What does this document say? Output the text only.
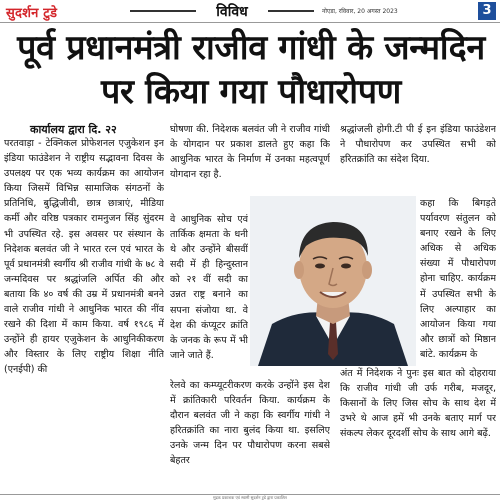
सुदर्शन टुडे	विविध	नोएडा, रविवार, 20 अगस्त 2023	3
पूर्व प्रधानमंत्री राजीव गांधी के जन्मदिन पर किया गया पौधारोपण
कार्यालय द्वारा दि. २२
परतवाड़ा - टेक्निकल प्रोफेशनल एजुकेशन इन इंडिया फाउंडेशन ने राष्ट्रीय सद्भावना दिवस के उपलक्ष्य पर एक भव्य कार्यक्रम का आयोजन किया जिसमें विभिन्न सामाजिक संगठनों के प्रतिनिधि, बुद्धिजीवी, छात्र छात्राएं, मीडिया कर्मी और वरिष्ठ पत्रकार रामनुजन सिंह सुंदरम भी उपस्थित रहे. इस अवसर पर संस्थान के निदेशक बलवंत जी ने भारत रत्न एवं भारत के पूर्व प्रधानमंत्री स्वर्गीय श्री राजीव गांधी के ७८ वे जन्मदिवस पर श्रद्धांजलि अर्पित की और बताया कि ४० वर्ष की उम्र में प्रधानमंत्री बनने वाले राजीव गांधी ने आधुनिक भारत की नींव रखने की दिशा में काम किया. वर्ष १९८६ में उन्होंने ही हायर एजुकेशन के आधुनिकीकरण और विस्तार के लिए राष्ट्रीय शिक्षा नीति (एनईपी) की
घोषणा की. निदेशक बलवंत जी ने राजीव गांधी के योगदान पर प्रकाश डालते हुए कहा कि आधुनिक भारत के निर्माण में उनका महत्वपूर्ण योगदान रहा है.
वे आधुनिक सोच एवं तार्किक क्षमता के धनी थे और उन्होंने बीसवीं सदी में ही हिन्दुस्तान को २१ वीं सदी का उन्नत राष्ट्र बनाने का सपना संजोया था. वे देश की कंप्यूटर क्रांति के जनक के रूप में भी जाने जाते हैं.
रेलवे का कम्प्यूटरीकरण करके उन्होंने इस देश में क्रांतिकारी परिवर्तन किया. कार्यक्रम के दौरान बलवंत जी ने कहा कि स्वर्गीय गांधी ने हरितक्रांति का नारा बुलंद किया था. इसलिए उनके जन्म दिन पर पौधारोपण करना सबसे बेहतर
श्रद्धांजली होगी.टी पी ई इन इंडिया फाउंडेशन ने पौधारोपण कर उपस्थित सभी को हरितक्रांति का संदेश दिया.
कहा कि बिगड़ते पर्यावरण संतुलन को बनाए रखने के लिए अधिक से अधिक संख्या में पौधारोपण होना चाहिए. कार्यक्रम में उपस्थित सभी के लिए अल्पाहार का आयोजन किया गया और छात्रों को मिष्ठान बांटे. कार्यक्रम के
अंत में निदेशक ने पुनः इस बात को दोहराया कि राजीव गांधी जी उर्फ गरीब, मजदूर, किसानों के लिए जिस सोच के साथ देश में उभरे थे आज हमें भी उनके बताए मार्ग पर संकल्प लेकर दूरदर्शी सोच के साथ आगे बढ़ें.
मुद्रक प्रकाशक एवं स्वामी सुदर्शन टुडे द्वारा प्रकाशित
